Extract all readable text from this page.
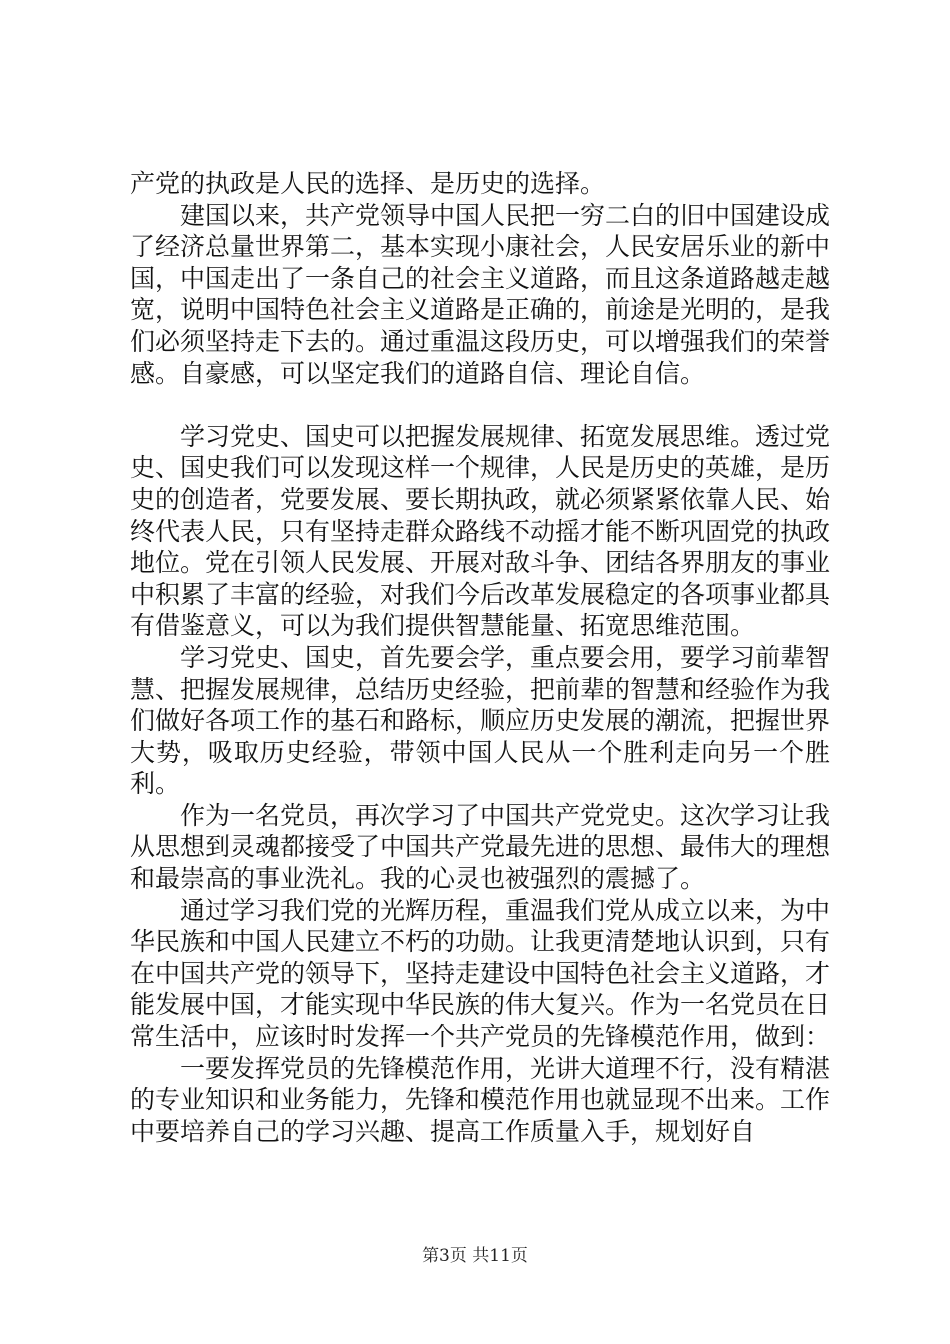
产党的执政是人民的选择、是历史的选择。

建国以来，共产党领导中国人民把一穷二白的旧中国建设成了经济总量世界第二，基本实现小康社会，人民安居乐业的新中国，中国走出了一条自己的社会主义道路，而且这条道路越走越宽，说明中国特色社会主义道路是正确的，前途是光明的，是我们必须坚持走下去的。通过重温这段历史，可以增强我们的荣誉感。自豪感，可以坚定我们的道路自信、理论自信。

学习党史、国史可以把握发展规律、拓宽发展思维。透过党史、国史我们可以发现这样一个规律，人民是历史的英雄，是历史的创造者，党要发展、要长期执政，就必须紧紧依靠人民、始终代表人民，只有坚持走群众路线不动摇才能不断巩固党的执政地位。党在引领人民发展、开展对敌斗争、团结各界朋友的事业中积累了丰富的经验，对我们今后改革发展稳定的各项事业都具有借鉴意义，可以为我们提供智慧能量、拓宽思维范围。

学习党史、国史，首先要会学，重点要会用，要学习前辈智慧、把握发展规律，总结历史经验，把前辈的智慧和经验作为我们做好各项工作的基石和路标，顺应历史发展的潮流，把握世界大势，吸取历史经验，带领中国人民从一个胜利走向另一个胜利。

作为一名党员，再次学习了中国共产党党史。这次学习让我从思想到灵魂都接受了中国共产党最先进的思想、最伟大的理想和最崇高的事业洗礼。我的心灵也被强烈的震撼了。

通过学习我们党的光辉历程，重温我们党从成立以来，为中华民族和中国人民建立不朽的功勋。让我更清楚地认识到，只有在中国共产党的领导下，坚持走建设中国特色社会主义道路，才能发展中国，才能实现中华民族的伟大复兴。作为一名党员在日常生活中，应该时时发挥一个共产党员的先锋模范作用，做到：

一要发挥党员的先锋模范作用，光讲大道理不行，没有精湛的专业知识和业务能力，先锋和模范作用也就显现不出来。工作中要培养自己的学习兴趣、提高工作质量入手，规划好自

第3页 共11页
